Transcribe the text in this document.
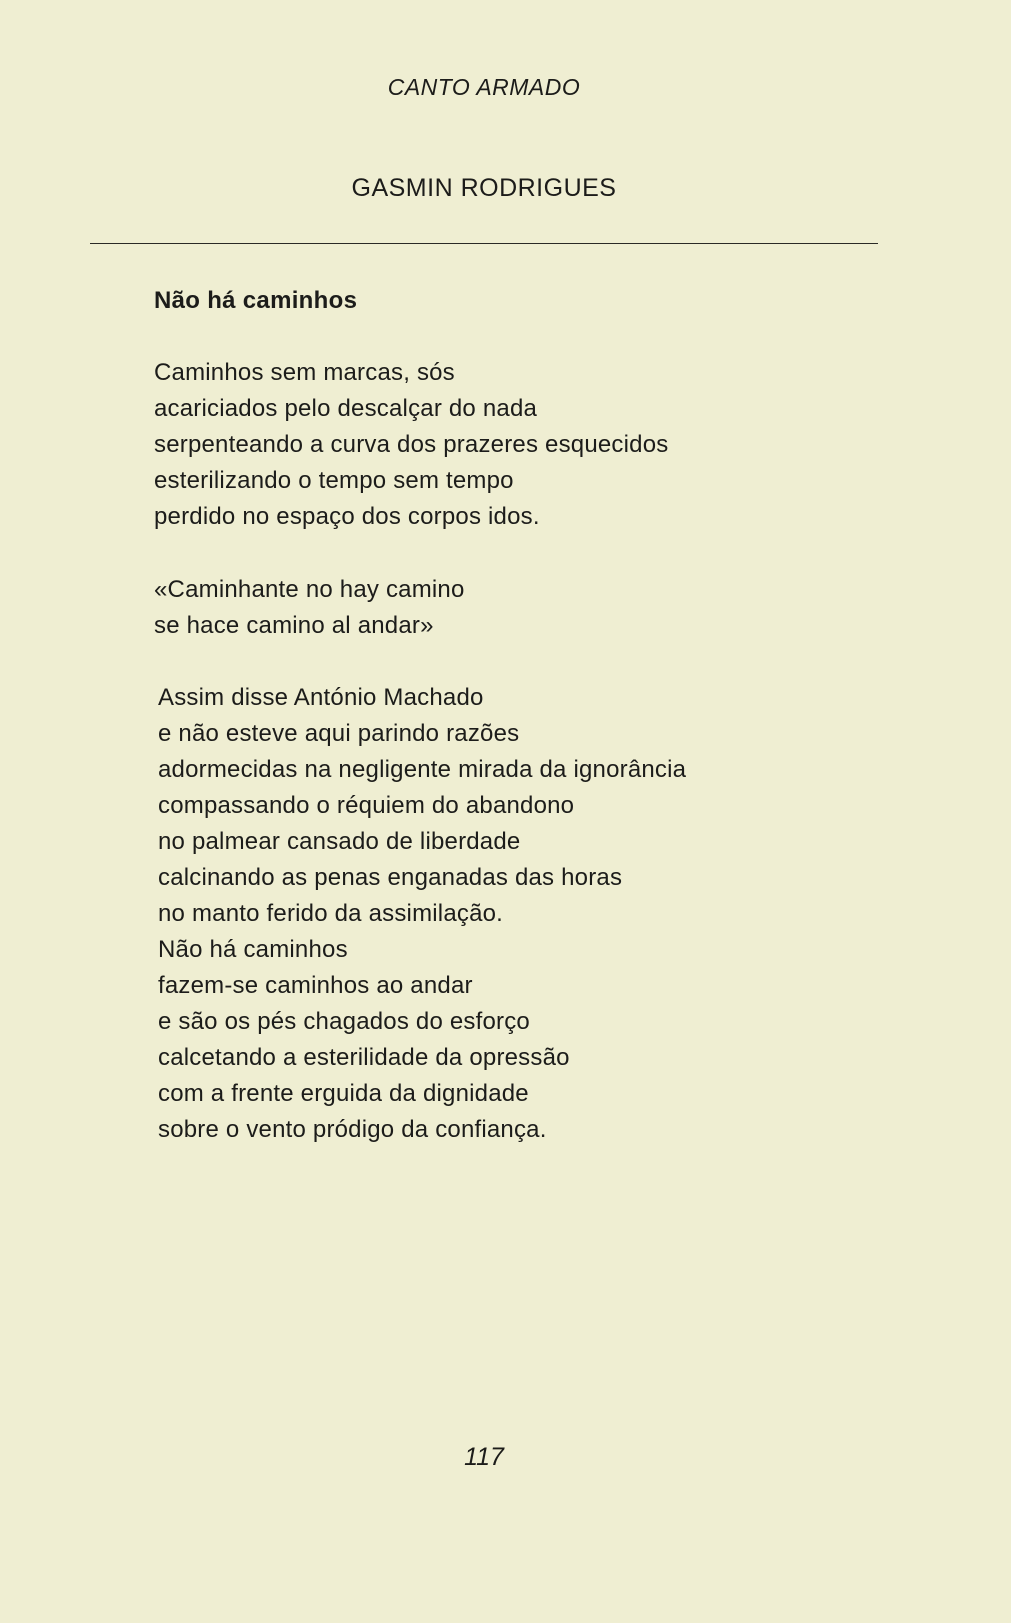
CANTO ARMADO
GASMIN RODRIGUES
Não há caminhos
Caminhos sem marcas, sós
acariciados pelo descalçar do nada
serpenteando a curva dos prazeres esquecidos
esterilizando o tempo sem tempo
perdido no espaço dos corpos idos.
«Caminhante no hay camino
se hace camino al andar»
Assim disse António Machado
e não esteve aqui parindo razões
adormecidas na negligente mirada da ignorância
compassando o réquiem do abandono
no palmear cansado de liberdade
calcinando as penas enganadas das horas
no manto ferido da assimilação.
Não há caminhos
fazem-se caminhos ao andar
e são os pés chagados do esforço
calcetando a esterilidade da opressão
com a frente erguida da dignidade
sobre o vento pródigo da confiança.
117
